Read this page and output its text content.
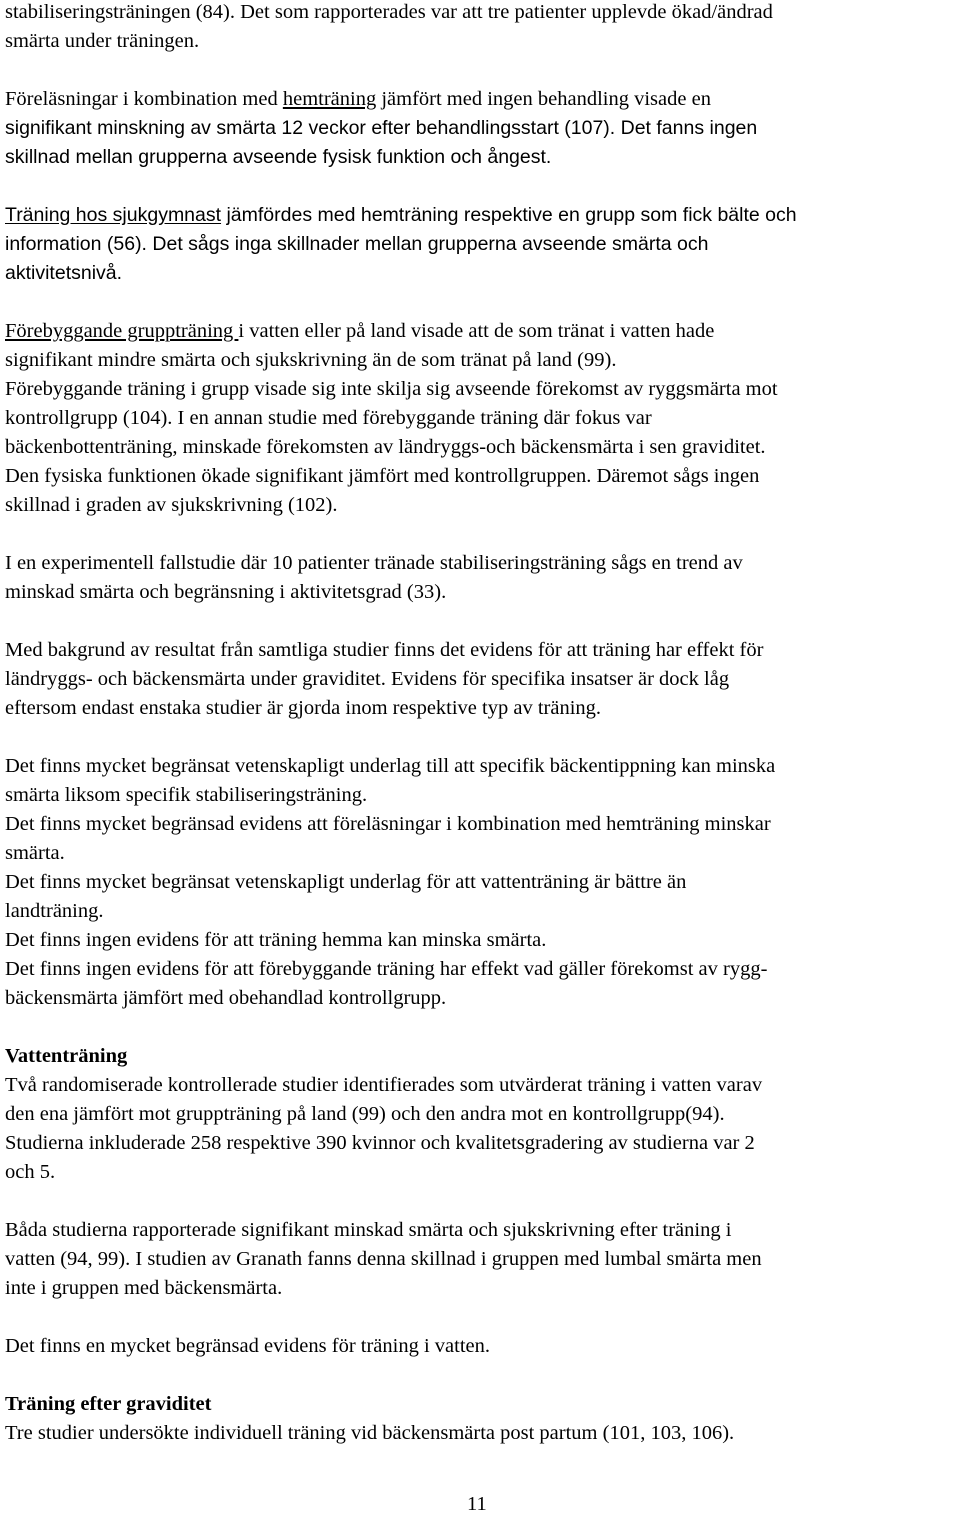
stabiliseringsträningen (84). Det som rapporterades var att tre patienter upplevde ökad/ändrad
smärta under träningen.
Föreläsningar i kombination med hemträning jämfört med ingen behandling visade en
signifikant minskning av smärta 12 veckor efter behandlingsstart (107). Det fanns ingen
skillnad mellan grupperna avseende fysisk funktion och ångest.
Träning hos sjukgymnast jämfördes med hemträning respektive en grupp som fick bälte och
information (56). Det sågs inga skillnader mellan grupperna avseende smärta och
aktivitetsnivå.
Förebyggande gruppträning i vatten eller på land visade att de som tränat i vatten hade
signifikant mindre smärta och sjukskrivning än de som tränat på land (99).
Förebyggande träning i grupp visade sig inte skilja sig avseende förekomst av ryggsmärta mot
kontrollgrupp (104). I en annan studie med förebyggande träning där fokus var
bäckenbottenträning, minskade förekomsten av ländryggs-och bäckensmärta i sen graviditet.
Den fysiska funktionen ökade signifikant jämfört med kontrollgruppen. Däremot sågs ingen
skillnad i graden av sjukskrivning (102).
I en experimentell fallstudie där 10 patienter tränade stabiliseringsträning sågs en trend av
minskad smärta och begränsning i aktivitetsgrad (33).
Med bakgrund av resultat från samtliga studier finns det evidens för att träning har effekt för
ländryggs- och bäckensmärta under graviditet. Evidens för specifika insatser är dock låg
eftersom endast enstaka studier är gjorda inom respektive typ av träning.
Det finns mycket begränsat vetenskapligt underlag till att specifik bäckentippning kan minska
smärta liksom specifik stabiliseringsträning.
Det finns mycket begränsad evidens att föreläsningar i kombination med hemträning minskar
smärta.
Det finns mycket begränsat vetenskapligt underlag för att vattenträning är bättre än
landträning.
Det finns ingen evidens för att träning hemma kan minska smärta.
Det finns ingen evidens för att förebyggande träning har effekt vad gäller förekomst av rygg-
bäckensmärta jämfört med obehandlad kontrollgrupp.
Vattenträning
Två randomiserade kontrollerade studier identifierades som utvärderat träning i vatten varav
den ena jämfört mot gruppträning på land (99) och den andra mot en kontrollgrupp(94).
Studierna inkluderade 258 respektive 390 kvinnor och kvalitetsgradering av studierna var 2
och 5.
Båda studierna rapporterade signifikant minskad smärta och sjukskrivning efter träning i
vatten (94, 99). I studien av Granath fanns denna skillnad i gruppen med lumbal smärta men
inte i gruppen med bäckensmärta.
Det finns en mycket begränsad evidens för träning i vatten.
Träning efter graviditet
Tre studier undersökte individuell träning vid bäckensmärta post partum (101, 103, 106).
11
